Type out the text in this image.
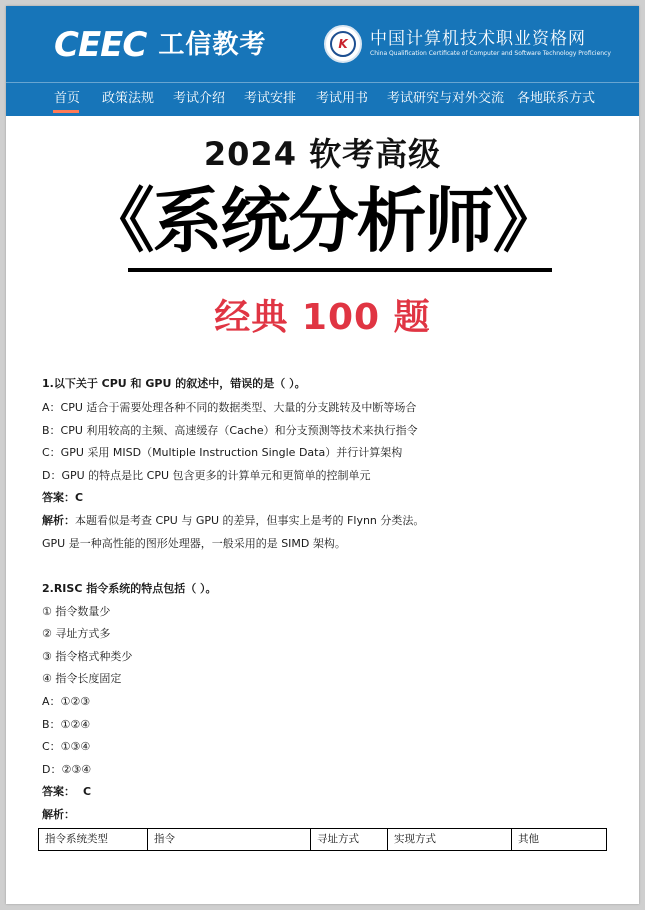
CEEC 工信教考	K	中国计算机技术职业资格网
China Qualification Certificate of Computer and Software Technology Proficiency
首页 政策法规 考试介绍 考试安排 考试用书 考试研究与对外交流 各地联系方式
2024 软考高级
《系统分析师》
经典 100 题
1.以下关于 CPU 和 GPU 的叙述中，错误的是（ ）。
A：CPU 适合于需要处理各种不同的数据类型、大量的分支跳转及中断等场合
B：CPU 利用较高的主频、高速缓存（Cache）和分支预测等技术来执行指令
C：GPU 采用 MISD（Multiple Instruction Single Data）并行计算架构
D：GPU 的特点是比 CPU 包含更多的计算单元和更简单的控制单元
答案：C
解析：本题看似是考查 CPU 与 GPU 的差异，但事实上是考的 Flynn 分类法。
GPU 是一种高性能的图形处理器，一般采用的是 SIMD 架构。
2.RISC 指令系统的特点包括（ ）。
① 指令数量少
② 寻址方式多
③ 指令格式种类少
④ 指令长度固定
A：①②③
B：①②④
C：①③④
D：②③④
答案： C
解析：
指令系统类型	指令	寻址方式	实现方式	其他
